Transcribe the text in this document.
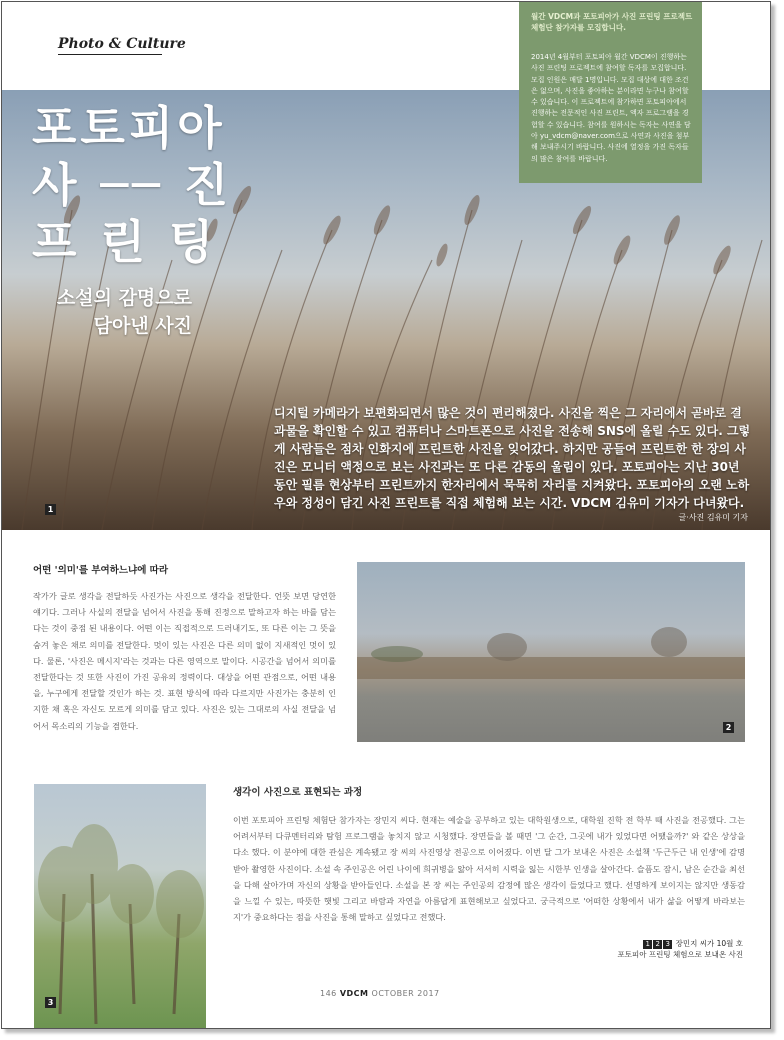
Photo & Culture
포토피아
사 ── 진
프 린 팅
소설의 감명으로
담아낸 사진
디지털 카메라가 보편화되면서 많은 것이 편리해졌다. 사진을 찍은 그 자리에서 곧바로 결과물을 확인할 수 있고 컴퓨터나 스마트폰으로 사진을 전송해 SNS에 올릴 수도 있다. 그렇게 사람들은 점차 인화지에 프린트한 사진을 잊어갔다. 하지만 공들여 프린트한 한 장의 사진은 모니터 액정으로 보는 사진과는 또 다른 감동의 울림이 있다. 포토피아는 지난 30년 동안 필름 현상부터 프린트까지 한자리에서 묵묵히 자리를 지켜왔다. 포토피아의 오랜 노하우와 정성이 담긴 사진 프린트를 직접 체험해 보는 시간. VDCM 김유미 기자가 다녀왔다.
글·사진 김유미 기자
1
월간 VDCM과 포토피아가 사진 프린팅 프로젝트 체험단 참가자를 모집합니다.
2014년 4월부터 포토피아 월간 VDCM이 진행하는 사진 프린팅 프로젝트에 참여할 독자를 모집합니다. 모집 인원은 매달 1명입니다. 모집 대상에 대한 조건은 없으며, 사진을 좋아하는 분이라면 누구나 참여할 수 있습니다. 이 프로젝트에 참가하면 포토피아에서 진행하는 전문적인 사진 프린트, 액자 프로그램을 경험할 수 있습니다. 참여를 원하시는 독자는 사연을 담아 yu_vdcm@naver.com으로 사연과 사진을 첨부해 보내주시기 바랍니다. 사진에 열정을 가진 독자들의 많은 참여를 바랍니다.
어떤 '의미'를 부여하느냐에 따라
작가가 글로 생각을 전달하듯 사진가는 사진으로 생각을 전달한다. 언뜻 보면 당연한 얘기다. 그러나 사실의 전달을 넘어서 사진을 통해 진정으로 말하고자 하는 바를 담는다는 것이 중점 된 내용이다. 어떤 이는 직접적으로 드러내기도, 또 다른 이는 그 뜻을 숨겨 놓은 채로 의미를 전달한다. 멋이 있는 사진은 다른 의미 없이 지새적인 멋이 있다. 물론, '사진은 메시지'라는 것과는 다른 영역으로 말이다. 시공간을 넘어서 의미를 전달한다는 것 또한 사진이 가진 공유의 정력이다. 대상을 어떤 관점으로, 어떤 내용을, 누구에게 전달할 것인가 하는 것. 표현 방식에 따라 다르지만 사진가는 충분히 인지한 채 혹은 자신도 모르게 의미를 담고 있다. 사진은 있는 그대로의 사실 전달을 넘어서 목소리의 기능을 겸한다.	2
3
생각이 사진으로 표현되는 과정
이번 포토피아 프린팅 체험단 참가자는 장민지 씨다. 현재는 예술을 공부하고 있는 대학원생으로, 대학원 진학 전 학부 때 사진을 전공했다. 그는 어려서부터 다큐멘터리와 탐험 프로그램을 놓치지 않고 시청했다. 장면들을 볼 때면 '그 순간, 그곳에 내가 있었다면 어땠을까?' 와 같은 상상을 다소 했다. 이 분야에 대한 관심은 계속됐고 장 씨의 사진영상 전공으로 이어졌다. 이번 달 그가 보내온 사진은 소설책 '두근두근 내 인생'에 감명받아 촬영한 사진이다. 소설 속 주인공은 어린 나이에 희귀병을 앓아 서서히 시력을 잃는 시한부 인생을 살아간다. 슬픔도 잠시, 남은 순간을 최선을 다해 살아가며 자신의 상황을 받아들인다. 소설을 본 장 씨는 주인공의 감정에 많은 생각이 들었다고 했다. 선명하게 보이지는 않지만 생동감을 느낄 수 있는, 따뜻한 햇빛 그리고 바람과 자연을 아름답게 표현해보고 싶었다고. 궁극적으로 '어떠한 상황에서 내가 삶을 어떻게 바라보는지'가 중요하다는 점을 사진을 통해 말하고 싶었다고 전했다.
1 2 3 장민지 씨가 10월 호
포토피아 프린팅 체험으로 보내온 사진
146 VDCM OCTOBER 2017
